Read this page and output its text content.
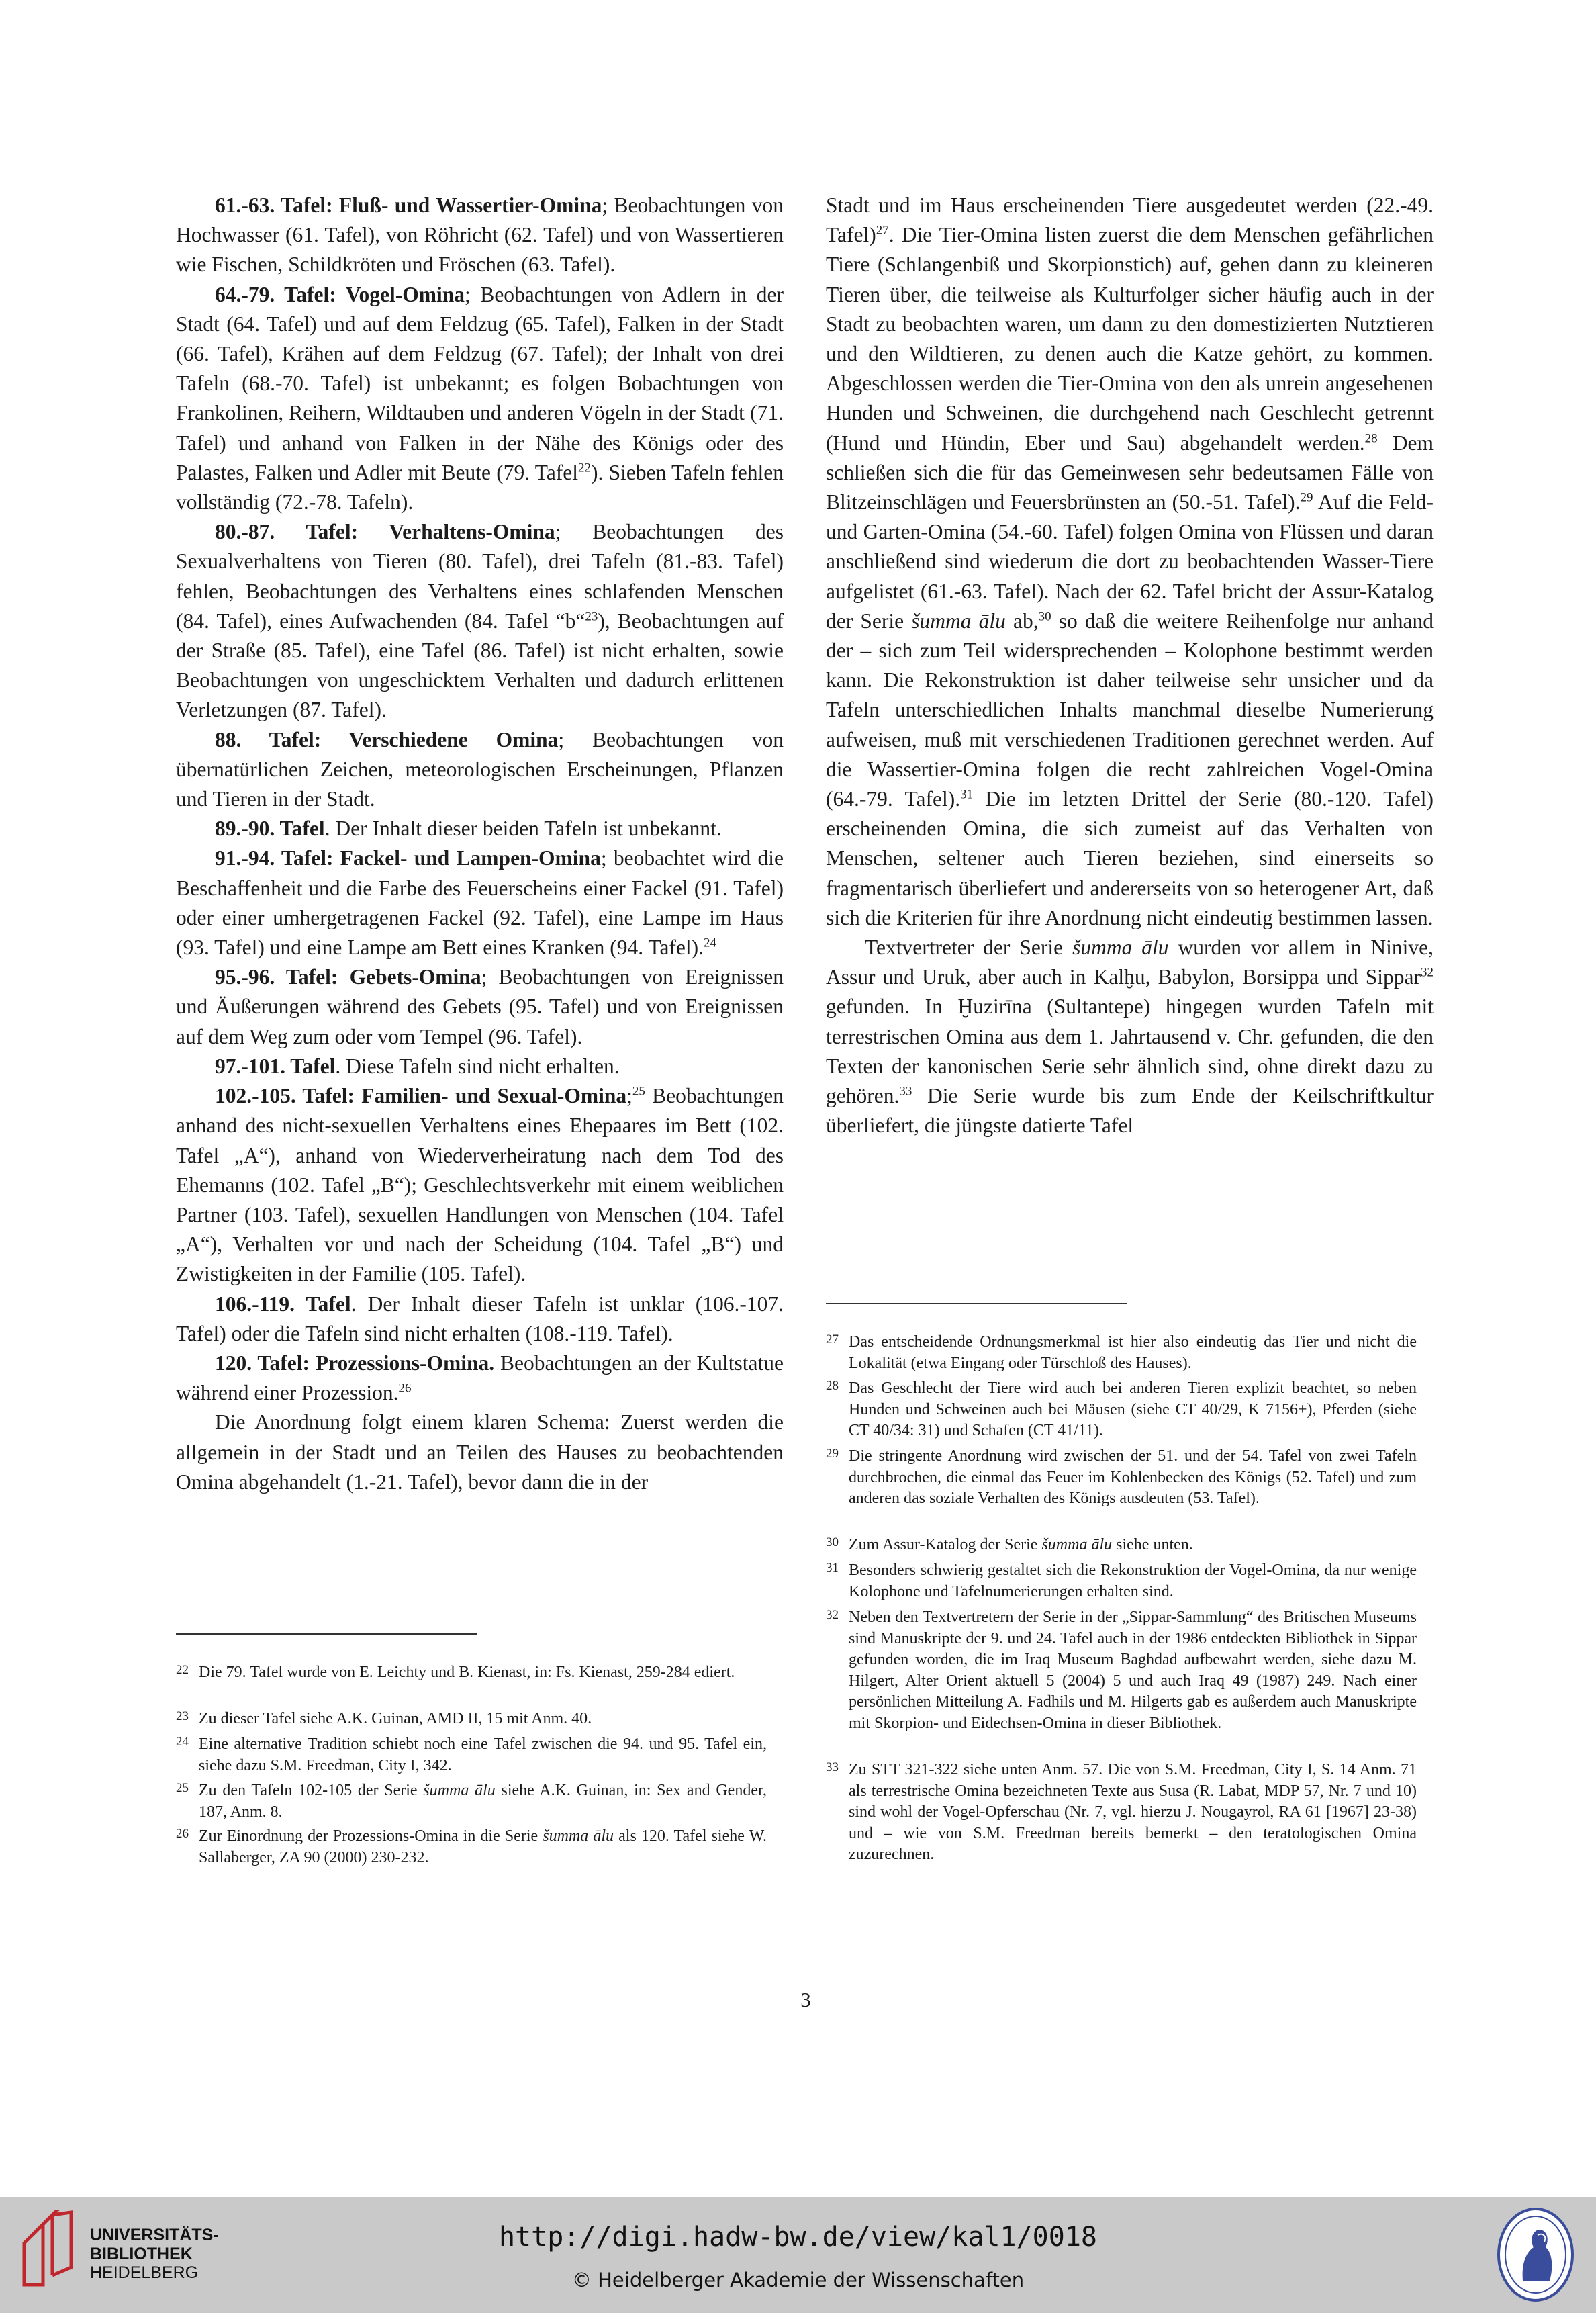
61.-63. Tafel: Fluß- und Wassertier-Omina; Beobachtungen von Hochwasser (61. Tafel), von Röhricht (62. Tafel) und von Wassertieren wie Fischen, Schildkröten und Fröschen (63. Tafel).

64.-79. Tafel: Vogel-Omina; Beobachtungen von Adlern in der Stadt (64. Tafel) und auf dem Feldzug (65. Tafel), Falken in der Stadt (66. Tafel), Krähen auf dem Feldzug (67. Tafel); der Inhalt von drei Tafeln (68.-70. Tafel) ist unbekannt; es folgen Bobachtungen von Frankolinen, Reihern, Wildtauben und anderen Vögeln in der Stadt (71. Tafel) und anhand von Falken in der Nähe des Königs oder des Palastes, Falken und Adler mit Beute (79. Tafel$^{22}$). Sieben Tafeln fehlen vollständig (72.-78. Tafeln).

80.-87. Tafel: Verhaltens-Omina; Beobachtungen des Sexualverhaltens von Tieren (80. Tafel), drei Tafeln (81.-83. Tafel) fehlen, Beobachtungen des Verhaltens eines schlafenden Menschen (84. Tafel), eines Aufwachenden (84. Tafel “b“$^{23}$), Beobachtungen auf der Straße (85. Tafel), eine Tafel (86. Tafel) ist nicht erhalten, sowie Beobachtungen von ungeschicktem Verhalten und dadurch erlittenen Verletzungen (87. Tafel).

88. Tafel: Verschiedene Omina; Beobachtungen von übernatürlichen Zeichen, meteorologischen Erscheinungen, Pflanzen und Tieren in der Stadt.

89.-90. Tafel. Der Inhalt dieser beiden Tafeln ist unbekannt.

91.-94. Tafel: Fackel- und Lampen-Omina; beobachtet wird die Beschaffenheit und die Farbe des Feuerscheins einer Fackel (91. Tafel) oder einer umhergetragenen Fackel (92. Tafel), eine Lampe im Haus (93. Tafel) und eine Lampe am Bett eines Kranken (94. Tafel).$^{24}$

95.-96. Tafel: Gebets-Omina; Beobachtungen von Ereignissen und Äußerungen während des Gebets (95. Tafel) und von Ereignissen auf dem Weg zum oder vom Tempel (96. Tafel).

97.-101. Tafel. Diese Tafeln sind nicht erhalten.

102.-105. Tafel: Familien- und Sexual-Omina;$^{25}$ Beobachtungen anhand des nicht-sexuellen Verhaltens eines Ehepaares im Bett (102. Tafel „A“), anhand von Wiederverheiratung nach dem Tod des Ehemanns (102. Tafel „B“); Geschlechtsverkehr mit einem weiblichen Partner (103. Tafel), sexuellen Handlungen von Menschen (104. Tafel „A“), Verhalten vor und nach der Scheidung (104. Tafel „B“) und Zwistigkeiten in der Familie (105. Tafel).

106.-119. Tafel. Der Inhalt dieser Tafeln ist unklar (106.-107. Tafel) oder die Tafeln sind nicht erhalten (108.-119. Tafel).

120. Tafel: Prozessions-Omina. Beobachtungen an der Kultstatue während einer Prozession.$^{26}$

Die Anordnung folgt einem klaren Schema: Zuerst werden die allgemein in der Stadt und an Teilen des Hauses zu beobachtenden Omina abgehandelt (1.-21. Tafel), bevor dann die in der

Stadt und im Haus erscheinenden Tiere ausgedeutet werden (22.-49. Tafel)$^{27}$. Die Tier-Omina listen zuerst die dem Menschen gefährlichen Tiere (Schlangenbiß und Skorpionstich) auf, gehen dann zu kleineren Tieren über, die teilweise als Kulturfolger sicher häufig auch in der Stadt zu beobachten waren, um dann zu den domestizierten Nutztieren und den Wildtieren, zu denen auch die Katze gehört, zu kommen. Abgeschlossen werden die Tier-Omina von den als unrein angesehenen Hunden und Schweinen, die durchgehend nach Geschlecht getrennt (Hund und Hündin, Eber und Sau) abgehandelt werden.$^{28}$ Dem schließen sich die für das Gemeinwesen sehr bedeutsamen Fälle von Blitzeinschlägen und Feuersbrünsten an (50.-51. Tafel).$^{29}$ Auf die Feld- und Garten-Omina (54.-60. Tafel) folgen Omina von Flüssen und daran anschließend sind wiederum die dort zu beobachtenden Wasser-Tiere aufgelistet (61.-63. Tafel). Nach der 62. Tafel bricht der Assur-Katalog der Serie šumma ālu ab,$^{30}$ so daß die weitere Reihenfolge nur anhand der – sich zum Teil widersprechenden – Kolophone bestimmt werden kann. Die Rekonstruktion ist daher teilweise sehr unsicher und da Tafeln unterschiedlichen Inhalts manchmal dieselbe Numerierung aufweisen, muß mit verschiedenen Traditionen gerechnet werden. Auf die Wassertier-Omina folgen die recht zahlreichen Vogel-Omina (64.-79. Tafel).$^{31}$ Die im letzten Drittel der Serie (80.-120. Tafel) erscheinenden Omina, die sich zumeist auf das Verhalten von Menschen, seltener auch Tieren beziehen, sind einerseits so fragmentarisch überliefert und andererseits von so heterogener Art, daß sich die Kriterien für ihre Anordnung nicht eindeutig bestimmen lassen.

Textvertreter der Serie šumma ālu wurden vor allem in Ninive, Assur und Uruk, aber auch in Kalḫu, Babylon, Borsippa und Sippar$^{32}$ gefunden. In Ḫuzirīna (Sultantepe) hingegen wurden Tafeln mit terrestrischen Omina aus dem 1. Jahrtausend v. Chr. gefunden, die den Texten der kanonischen Serie sehr ähnlich sind, ohne direkt dazu zu gehören.$^{33}$ Die Serie wurde bis zum Ende der Keilschriftkultur überliefert, die jüngste datierte Tafel

22 Die 79. Tafel wurde von E. Leichty und B. Kienast, in: Fs. Kienast, 259-284 ediert.
23 Zu dieser Tafel siehe A.K. Guinan, AMD II, 15 mit Anm. 40.
24 Eine alternative Tradition schiebt noch eine Tafel zwischen die 94. und 95. Tafel ein, siehe dazu S.M. Freedman, City I, 342.
25 Zu den Tafeln 102-105 der Serie šumma ālu siehe A.K. Guinan, in: Sex and Gender, 187, Anm. 8.
26 Zur Einordnung der Prozessions-Omina in die Serie šumma ālu als 120. Tafel siehe W. Sallaberger, ZA 90 (2000) 230-232.
27 Das entscheidende Ordnungsmerkmal ist hier also eindeutig das Tier und nicht die Lokalität (etwa Eingang oder Türschloß des Hauses).
28 Das Geschlecht der Tiere wird auch bei anderen Tieren explizit beachtet, so neben Hunden und Schweinen auch bei Mäusen (siehe CT 40/29, K 7156+), Pferden (siehe CT 40/34: 31) und Schafen (CT 41/11).
29 Die stringente Anordnung wird zwischen der 51. und der 54. Tafel von zwei Tafeln durchbrochen, die einmal das Feuer im Kohlenbecken des Königs (52. Tafel) und zum anderen das soziale Verhalten des Königs ausdeuten (53. Tafel).
30 Zum Assur-Katalog der Serie šumma ālu siehe unten.
31 Besonders schwierig gestaltet sich die Rekonstruktion der Vogel-Omina, da nur wenige Kolophone und Tafelnumerierungen erhalten sind.
32 Neben den Textvertretern der Serie in der „Sippar-Sammlung“ des Britischen Museums sind Manuskripte der 9. und 24. Tafel auch in der 1986 entdeckten Bibliothek in Sippar gefunden worden, die im Iraq Museum Baghdad aufbewahrt werden, siehe dazu M. Hilgert, Alter Orient aktuell 5 (2004) 5 und auch Iraq 49 (1987) 249. Nach einer persönlichen Mitteilung A. Fadhils und M. Hilgerts gab es außerdem auch Manuskripte mit Skorpion- und Eidechsen-Omina in dieser Bibliothek.
33 Zu STT 321-322 siehe unten Anm. 57. Die von S.M. Freedman, City I, S. 14 Anm. 71 als terrestrische Omina bezeichneten Texte aus Susa (R. Labat, MDP 57, Nr. 7 und 10) sind wohl der Vogel-Opferschau (Nr. 7, vgl. hierzu J. Nougayrol, RA 61 [1967] 23-38) und – wie von S.M. Freedman bereits bemerkt – den teratologischen Omina zuzurechnen.
3
UNIVERSITÄTS-
BIBLIOTHEK
HEIDELBERG
http://digi.hadw-bw.de/view/kal1/0018
© Heidelberger Akademie der Wissenschaften
